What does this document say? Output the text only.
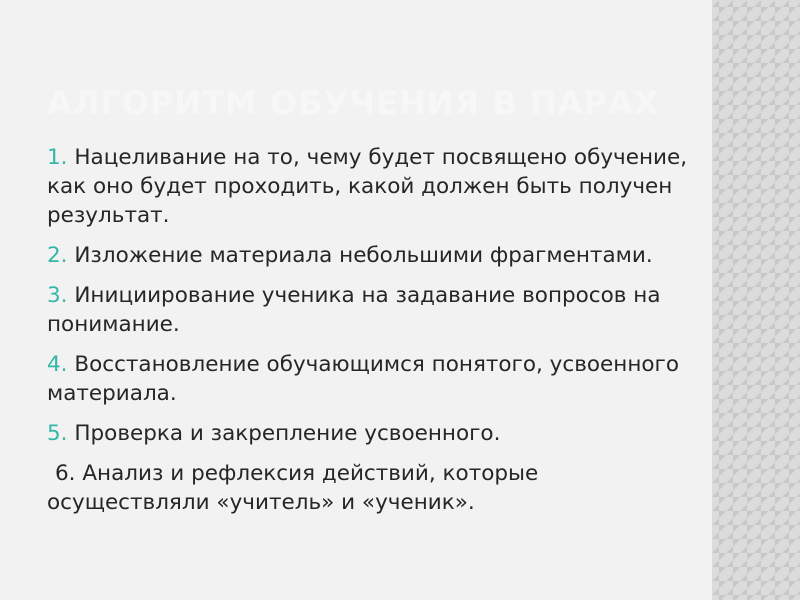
АЛГОРИТМ ОБУЧЕНИЯ В ПАРАХ
1. Нацеливание на то, чему будет посвящено обучение, как оно будет проходить, какой должен быть получен результат.
2. Изложение материала небольшими фрагментами.
3. Инициирование ученика на задавание вопросов на понимание.
4. Восстановление обучающимся понятого, усвоенного материала.
5. Проверка и закрепление усвоенного.
6. Анализ и рефлексия действий, которые осуществляли «учитель» и «ученик».
